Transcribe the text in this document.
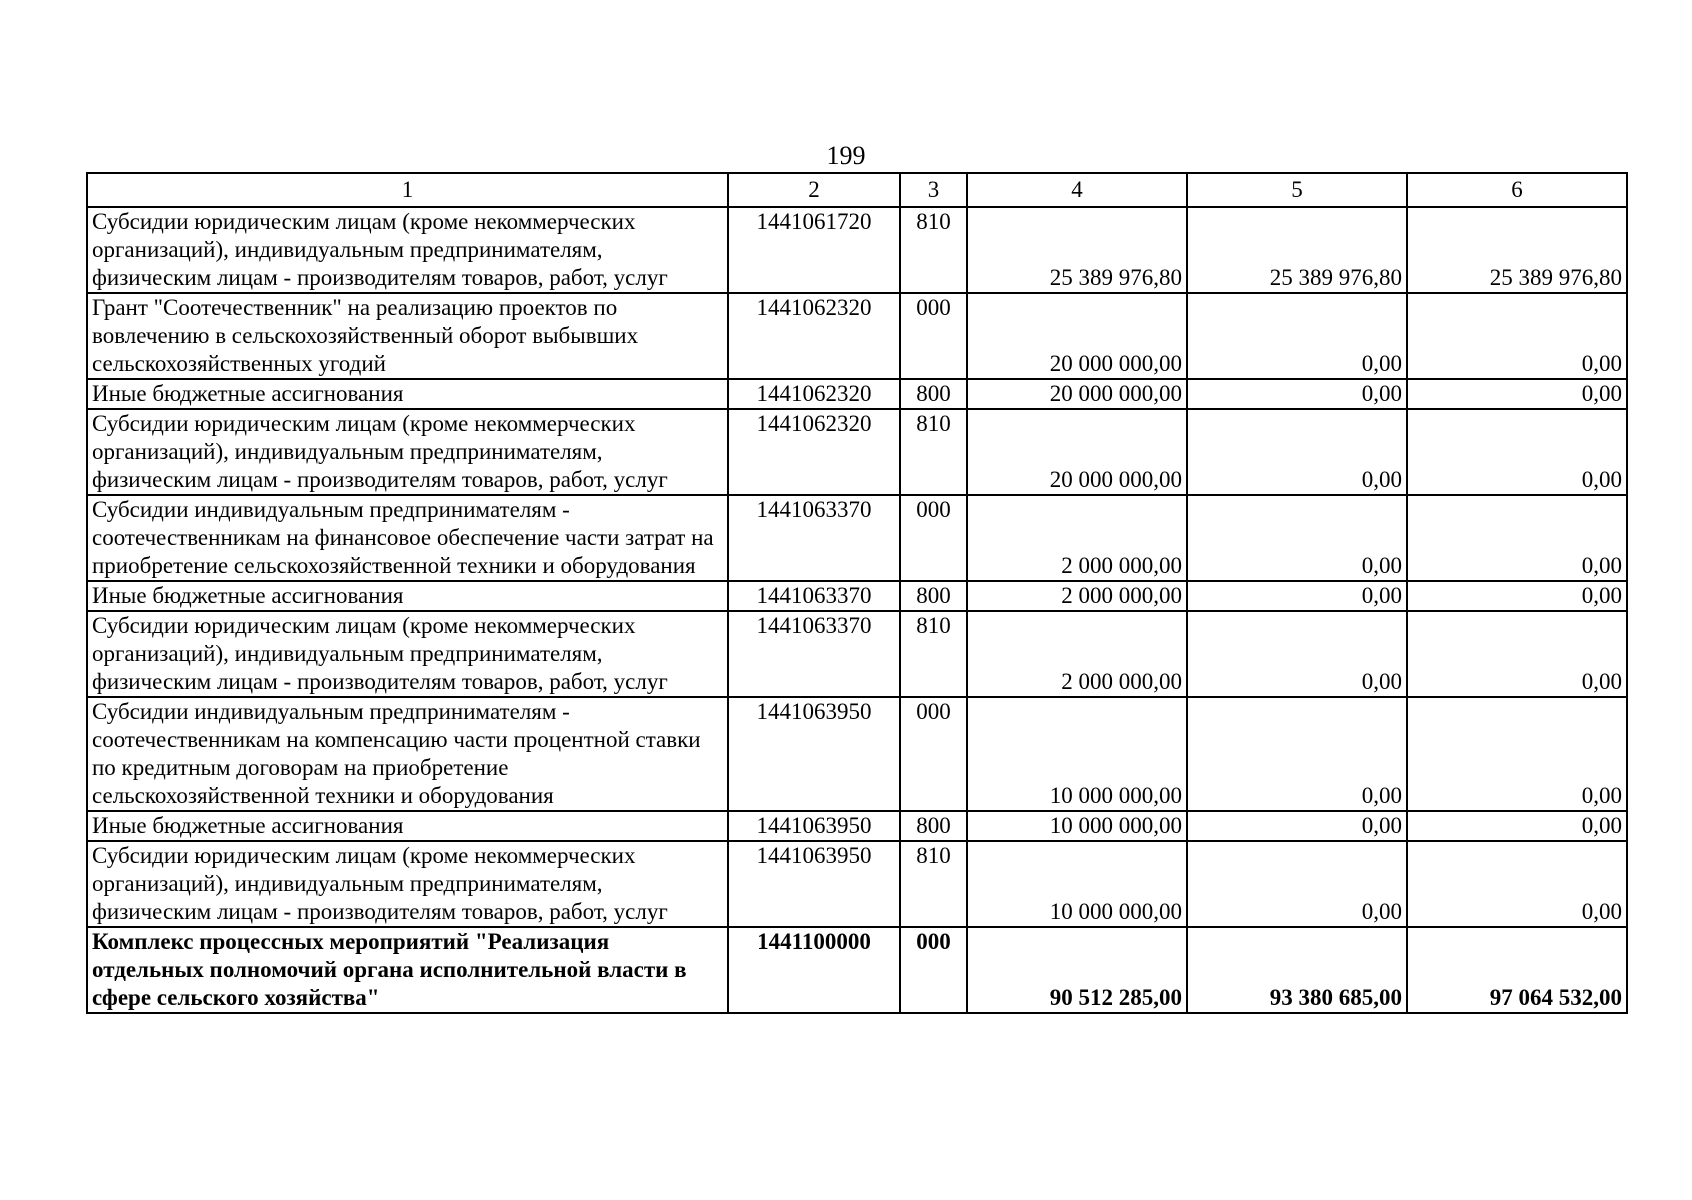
199
1	2	3	4	5	6
Субсидии юридическим лицам (кроме некоммерческих организаций), индивидуальным предпринимателям, физическим лицам - производителям товаров, работ, услуг	1441061720	810	25 389 976,80	25 389 976,80	25 389 976,80
Грант "Соотечественник" на реализацию проектов по вовлечению в сельскохозяйственный оборот выбывших сельскохозяйственных угодий	1441062320	000	20 000 000,00	0,00	0,00
Иные бюджетные ассигнования	1441062320	800	20 000 000,00	0,00	0,00
Субсидии юридическим лицам (кроме некоммерческих организаций), индивидуальным предпринимателям, физическим лицам - производителям товаров, работ, услуг	1441062320	810	20 000 000,00	0,00	0,00
Субсидии индивидуальным предпринимателям - соотечественникам на финансовое обеспечение части затрат на приобретение сельскохозяйственной техники и оборудования	1441063370	000	2 000 000,00	0,00	0,00
Иные бюджетные ассигнования	1441063370	800	2 000 000,00	0,00	0,00
Субсидии юридическим лицам (кроме некоммерческих организаций), индивидуальным предпринимателям, физическим лицам - производителям товаров, работ, услуг	1441063370	810	2 000 000,00	0,00	0,00
Субсидии индивидуальным предпринимателям - соотечественникам на компенсацию части процентной ставки по кредитным договорам на приобретение сельскохозяйственной техники и оборудования	1441063950	000	10 000 000,00	0,00	0,00
Иные бюджетные ассигнования	1441063950	800	10 000 000,00	0,00	0,00
Субсидии юридическим лицам (кроме некоммерческих организаций), индивидуальным предпринимателям, физическим лицам - производителям товаров, работ, услуг	1441063950	810	10 000 000,00	0,00	0,00
Комплекс процессных мероприятий "Реализация отдельных полномочий органа исполнительной власти в сфере сельского хозяйства"	1441100000	000	90 512 285,00	93 380 685,00	97 064 532,00
